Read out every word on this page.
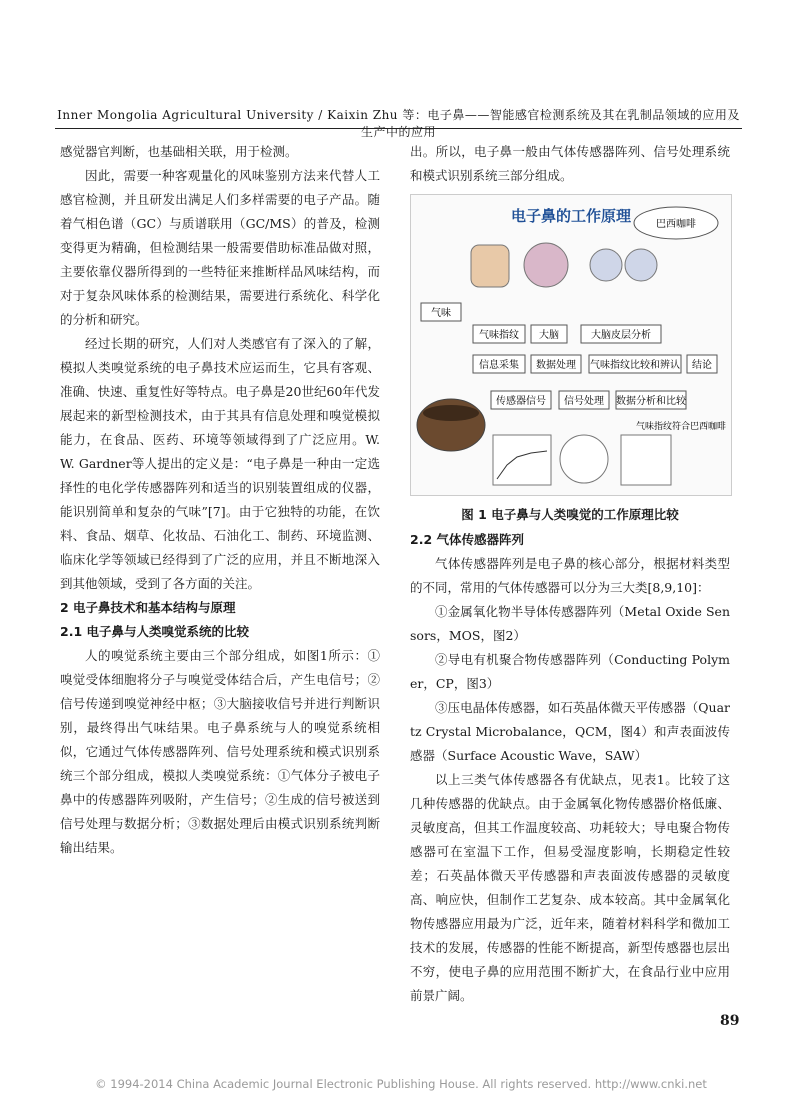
Inner Mongolia Agricultural University / Kaixin Zhu 等：电子鼻——智能感官检测系统及其在乳制品领域的应用及生产中的应用

感觉器官判断，也基础相关联，用于检测。

因此，需要一种客观量化的风味鉴别方法来代替人工感官检测，并且研发出满足人们多样需要的电子产品。随着气相色谱（GC）与质谱联用（GC/MS）的普及，检测变得更为精确，但检测结果一般需要借助标准品做对照，主要依靠仪器所得到的一些特征来推断样品风味结构，而对于复杂风味体系的检测结果，需要进行系统化、科学化的分析和研究。

经过长期的研究，人们对人类感官有了深入的了解，模拟人类嗅觉系统的电子鼻技术应运而生，它具有客观、准确、快速、重复性好等特点。电子鼻是20世纪60年代发展起来的新型检测技术，由于其具有信息处理和嗅觉模拟能力，在食品、医药、环境等领域得到了广泛应用。W. W. Gardner等人提出的定义是：“电子鼻是一种由一定选择性的电化学传感器阵列和适当的识别装置组成的仪器，能识别简单和复杂的气味”[7]。由于它独特的功能，在饮料、食品、烟草、化妆品、石油化工、制药、环境监测、临床化学等领域已经得到了广泛的应用，并且不断地深入到其他领域，受到了各方面的关注。

2 电子鼻技术和基本结构与原理
2.1 电子鼻与人类嗅觉系统的比较

人的嗅觉系统主要由三个部分组成，如图1所示：①嗅觉受体细胞将分子与嗅觉受体结合后，产生电信号；②信号传递到嗅觉神经中枢；③大脑接收信号并进行判断识别，最终得出气味结果。电子鼻系统与人的嗅觉系统相似，它通过气体传感器阵列、信号处理系统和模式识别系统三个部分组成，模拟人类嗅觉系统：①气体分子被电子鼻中的传感器阵列吸附，产生信号；②生成的信号被送到信号处理与数据分析；③数据处理后由模式识别系统判断输出结果。

出。所以，电子鼻一般由气体传感器阵列、信号处理系统和模式识别系统三部分组成。

电子鼻的工作原理 巴西咖啡
气味
气味指纹 大脑	大脑皮层分析
信息采集 数据处理 气味指纹比较和辨认 结论
传感器信号 信号处理 数据分析和比较
气味指纹符合巴西咖啡
图 1 电子鼻与人类嗅觉的工作原理比较
2.2 气体传感器阵列

气体传感器阵列是电子鼻的核心部分，根据材料类型的不同，常用的气体传感器可以分为三大类[8,9,10]：

①金属氧化物半导体传感器阵列（Metal Oxide Sensors，MOS，图2）

②导电有机聚合物传感器阵列（Conducting Polymer，CP，图3）

③压电晶体传感器，如石英晶体微天平传感器（Quartz Crystal Microbalance，QCM，图4）和声表面波传感器（Surface Acoustic Wave，SAW）

以上三类气体传感器各有优缺点，见表1。比较了这几种传感器的优缺点。由于金属氧化物传感器价格低廉、灵敏度高，但其工作温度较高、功耗较大；导电聚合物传感器可在室温下工作，但易受湿度影响，长期稳定性较差；石英晶体微天平传感器和声表面波传感器的灵敏度高、响应快，但制作工艺复杂、成本较高。其中金属氧化物传感器应用最为广泛，近年来，随着材料科学和微加工技术的发展，传感器的性能不断提高，新型传感器也层出不穷，使电子鼻的应用范围不断扩大，在食品行业中应用前景广阔。

89
© 1994-2014 China Academic Journal Electronic Publishing House. All rights reserved. http://www.cnki.net
